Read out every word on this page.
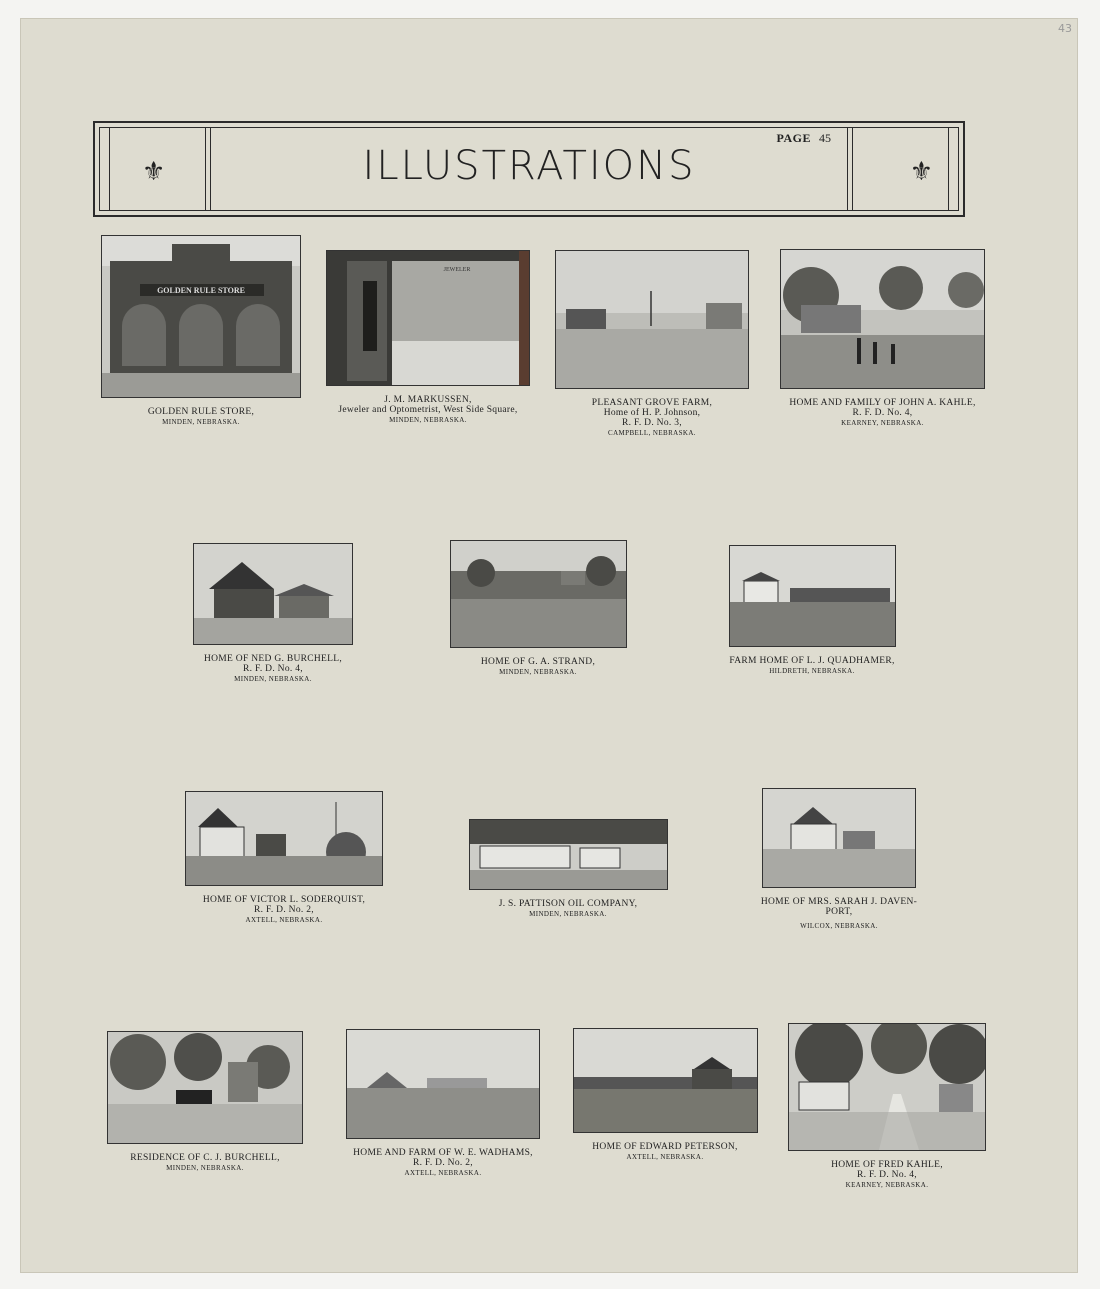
43
⚜	⚜
ILLUSTRATIONS
PAGE 45
GOLDEN RULE STORE
GOLDEN RULE STORE,
MINDEN, NEBRASKA.
JEWELER
J. M. MARKUSSEN,
Jeweler and Optometrist, West Side Square,
MINDEN, NEBRASKA.
PLEASANT GROVE FARM,
Home of H. P. Johnson,
R. F. D. No. 3,
CAMPBELL, NEBRASKA.
HOME AND FAMILY OF JOHN A. KAHLE,
R. F. D. No. 4,
KEARNEY, NEBRASKA.
HOME OF NED G. BURCHELL,
R. F. D. No. 4,
MINDEN, NEBRASKA.
HOME OF G. A. STRAND,
MINDEN, NEBRASKA.
FARM HOME OF L. J. QUADHAMER,
HILDRETH, NEBRASKA.
HOME OF VICTOR L. SODERQUIST,
R. F. D. No. 2,
AXTELL, NEBRASKA.
J. S. PATTISON OIL COMPANY,
MINDEN, NEBRASKA.
HOME OF MRS. SARAH J. DAVEN-
PORT,
WILCOX, NEBRASKA.
RESIDENCE OF C. J. BURCHELL,
MINDEN, NEBRASKA.
HOME AND FARM OF W. E. WADHAMS,
R. F. D. No. 2,
AXTELL, NEBRASKA.
HOME OF EDWARD PETERSON,
AXTELL, NEBRASKA.
HOME OF FRED KAHLE,
R. F. D. No. 4,
KEARNEY, NEBRASKA.
